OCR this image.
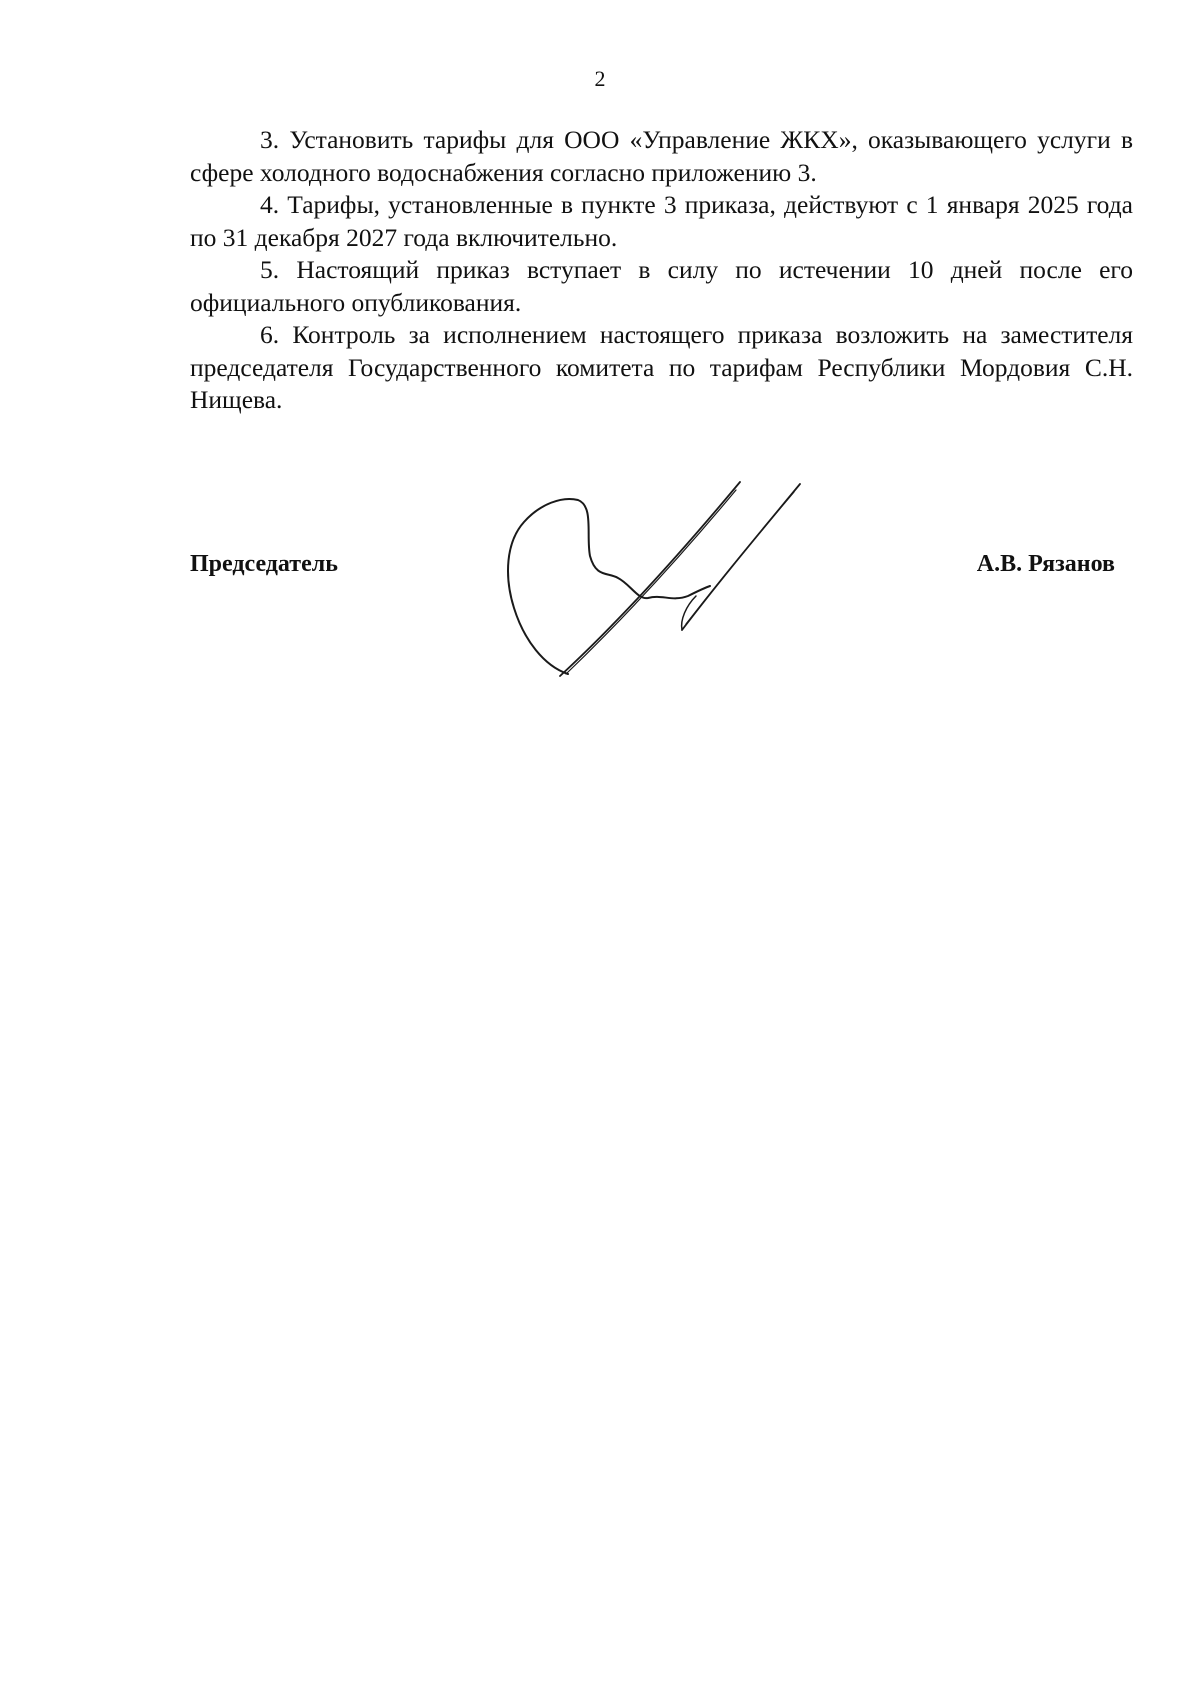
2

3. Установить тарифы для ООО «Управление ЖКХ», оказывающего услуги в сфере холодного водоснабжения согласно приложению 3.

4. Тарифы, установленные в пункте 3 приказа, действуют с 1 января 2025 года по 31 декабря 2027 года включительно.

5. Настоящий приказ вступает в силу по истечении 10 дней после его официального опубликования.

6. Контроль за исполнением настоящего приказа возложить на заместителя председателя Государственного комитета по тарифам Республики Мордовия С.Н. Нищева.

Председатель	А.В. Рязанов
